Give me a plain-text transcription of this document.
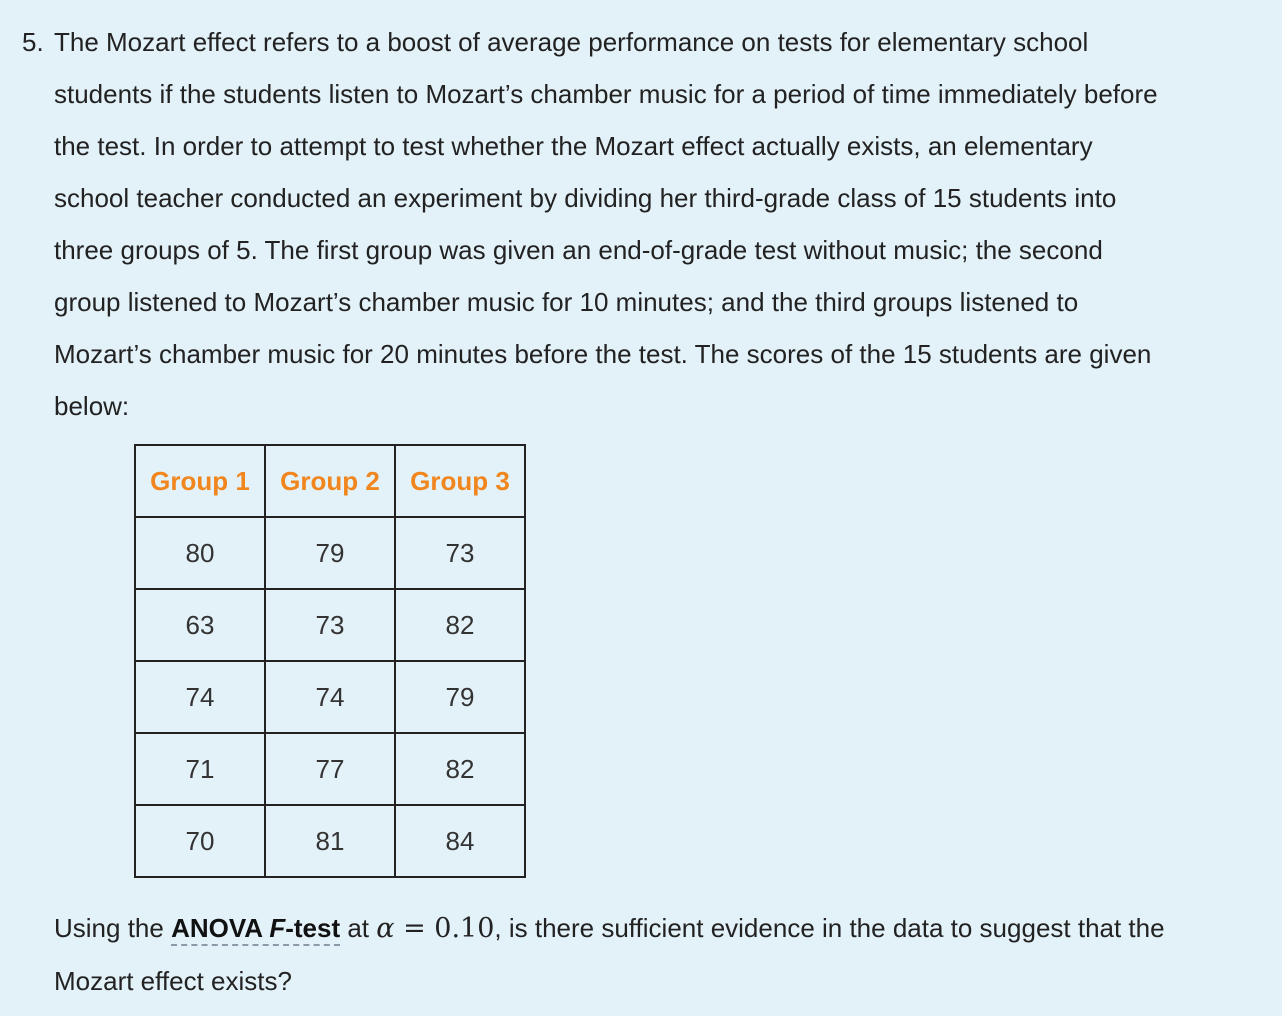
5. The Mozart effect refers to a boost of average performance on tests for elementary school
students if the students listen to Mozart’s chamber music for a period of time immediately before
the test. In order to attempt to test whether the Mozart effect actually exists, an elementary
school teacher conducted an experiment by dividing her third-grade class of 15 students into
three groups of 5. The first group was given an end-of-grade test without music; the second
group listened to Mozart’s chamber music for 10 minutes; and the third groups listened to
Mozart’s chamber music for 20 minutes before the test. The scores of the 15 students are given
below:
Group 1	Group 2	Group 3
80	79	73
63	73	82
74	74	79
71	77	82
70	81	84
Using the ANOVA F-test at α = 0.10, is there sufficient evidence in the data to suggest that the
Mozart effect exists?
